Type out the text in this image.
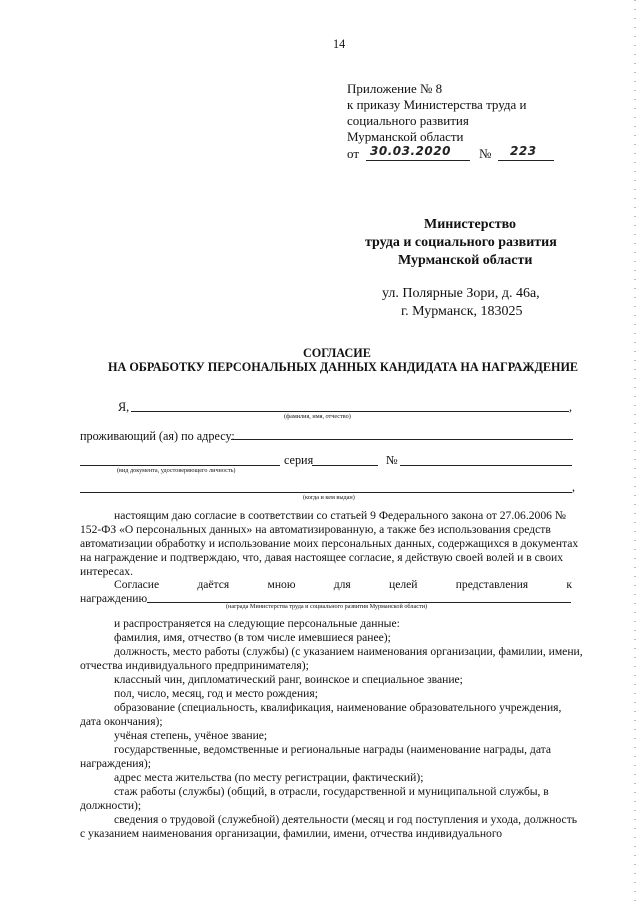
14
Приложение № 8
к приказу Министерства труда и
социального развития
Мурманской области
от 30.03.2020 № 223
Министерство
труда и социального развития
Мурманской области
ул. Полярные Зори, д. 46а,
г. Мурманск, 183025
СОГЛАСИЕ
НА ОБРАБОТКУ ПЕРСОНАЛЬНЫХ ДАННЫХ КАНДИДАТА НА НАГРАЖДЕНИЕ
Я,	,
(фамилия, имя, отчество)
проживающий (ая) по адресу:
серия	№
(вид документа, удостоверяющего личность)
,
(когда и кем выдан)
настоящим даю согласие в соответствии со статьей 9 Федерального закона от 27.06.2006 №
152-ФЗ «О персональных данных» на автоматизированную, а также без использования средств
автоматизации обработку и использование моих персональных данных, содержащихся в документах
на награждение и подтверждаю, что, давая настоящее согласие, я действую своей волей и в своих
интересах.
Согласие	даётся	мною	для	целей	представления	к
награждению
(награда Министерства труда и социального развития Мурманской области)
и распространяется на следующие персональные данные:
фамилия, имя, отчество (в том числе имевшиеся ранее);
должность, место работы (службы) (с указанием наименования организации, фамилии, имени,
отчества индивидуального предпринимателя);
классный чин, дипломатический ранг, воинское и специальное звание;
пол, число, месяц, год и место рождения;
образование (специальность, квалификация, наименование образовательного учреждения,
дата окончания);
учёная степень, учёное звание;
государственные, ведомственные и региональные награды (наименование награды, дата
награждения);
адрес места жительства (по месту регистрации, фактический);
стаж работы (службы) (общий, в отрасли, государственной и муниципальной службы, в
должности);
сведения о трудовой (служебной) деятельности (месяц и год поступления и ухода, должность
с указанием наименования организации, фамилии, имени, отчества индивидуального
